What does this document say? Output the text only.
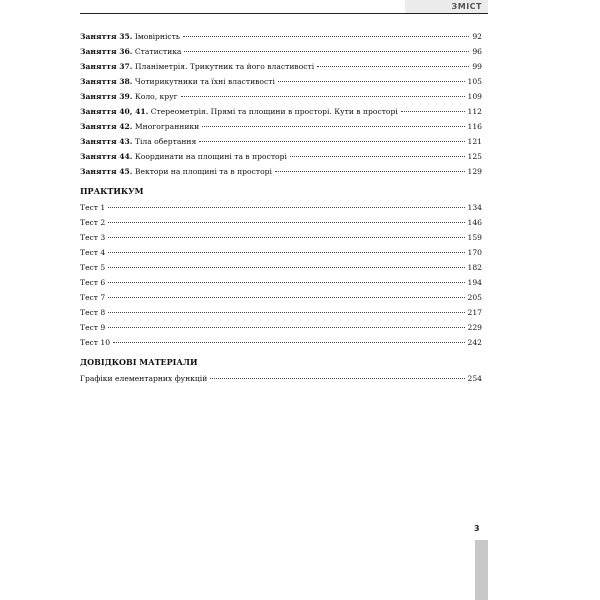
ЗМІСТ
Заняття 35. Імовірність	92
Заняття 36. Статистика	96
Заняття 37. Планіметрія. Трикутник та його властивості	99
Заняття 38. Чотирикутники та їхні властивості	105
Заняття 39. Коло, круг	109
Заняття 40, 41. Стереометрія. Прямі та площини в просторі. Кути в просторі	112
Заняття 42. Многогранники	116
Заняття 43. Тіла обертання	121
Заняття 44. Координати на площині та в просторі	125
Заняття 45. Вектори на площині та в просторі	129
ПРАКТИКУМ
Тест 1	134
Тест 2	146
Тест 3	159
Тест 4	170
Тест 5	182
Тест 6	194
Тест 7	205
Тест 8	217
Тест 9	229
Тест 10	242
ДОВІДКОВІ МАТЕРІАЛИ
Графіки елементарних функцій	254
3
